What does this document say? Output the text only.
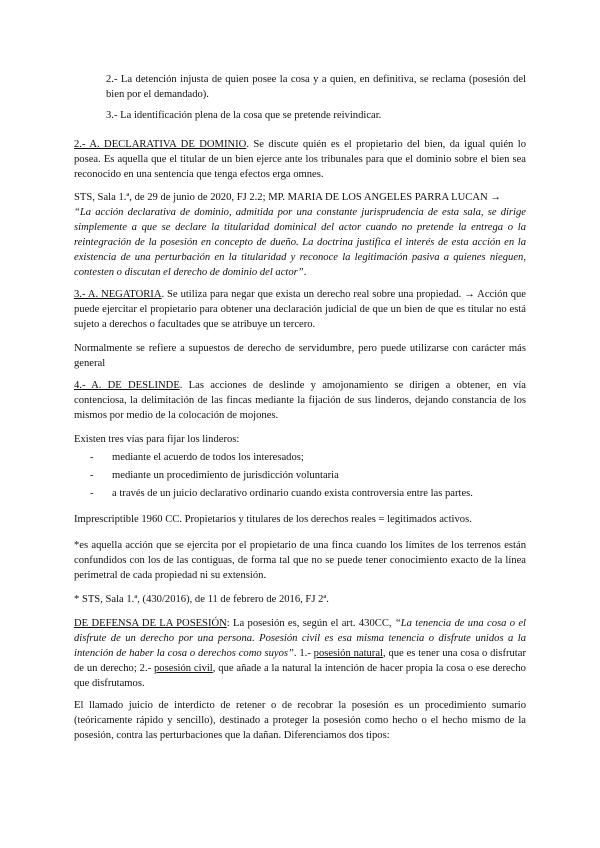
2.- La detención injusta de quien posee la cosa y a quien, en definitiva, se reclama (posesión del bien por el demandado).

3.- La identificación plena de la cosa que se pretende reivindicar.

2.- A. DECLARATIVA DE DOMINIO. Se discute quién es el propietario del bien, da igual quién lo posea. Es aquella que el titular de un bien ejerce ante los tribunales para que el dominio sobre el bien sea reconocido en una sentencia que tenga efectos erga omnes.

STS, Sala 1.ª, de 29 de junio de 2020, FJ 2.2; MP. MARIA DE LOS ANGELES PARRA LUCAN →
“La acción declarativa de dominio, admitida por una constante jurisprudencia de esta sala, se dirige simplemente a que se declare la titularidad dominical del actor cuando no pretende la entrega o la reintegración de la posesión en concepto de dueño. La doctrina justifica el interés de esta acción en la existencia de una perturbación en la titularidad y reconoce la legitimación pasiva a quienes nieguen, contesten o discutan el derecho de dominio del actor”.

3.- A. NEGATORIA. Se utiliza para negar que exista un derecho real sobre una propiedad. → Acción que puede ejercitar el propietario para obtener una declaración judicial de que un bien de que es titular no está sujeto a derechos o facultades que se atribuye un tercero.

Normalmente se refiere a supuestos de derecho de servidumbre, pero puede utilizarse con carácter más general

4.- A. DE DESLINDE. Las acciones de deslinde y amojonamiento se dirigen a obtener, en vía contenciosa, la delimitación de las fincas mediante la fijación de sus linderos, dejando constancia de los mismos por medio de la colocación de mojones.

Existen tres vías para fijar los linderos:

- mediante el acuerdo de todos los interesados;
- mediante un procedimiento de jurisdicción voluntaria
- a través de un juicio declarativo ordinario cuando exista controversia entre las partes.

Imprescriptible 1960 CC. Propietarios y titulares de los derechos reales = legitimados activos.

*es aquella acción que se ejercita por el propietario de una finca cuando los límites de los terrenos están confundidos con los de las contiguas, de forma tal que no se puede tener conocimiento exacto de la línea perimetral de cada propiedad ni su extensión.

* STS, Sala 1.ª, (430/2016), de 11 de febrero de 2016, FJ 2ª.

DE DEFENSA DE LA POSESIÓN: La posesión es, según el art. 430CC, “La tenencia de una cosa o el disfrute de un derecho por una persona. Posesión civil es esa misma tenencia o disfrute unidos a la intención de haber la cosa o derechos como suyos”. 1.- posesión natural, que es tener una cosa o disfrutar de un derecho; 2.- posesión civil, que añade a la natural la intención de hacer propia la cosa o ese derecho que disfrutamos.

El llamado juicio de interdicto de retener o de recobrar la posesión es un procedimiento sumario (teóricamente rápido y sencillo), destinado a proteger la posesión como hecho o el hecho mismo de la posesión, contra las perturbaciones que la dañan. Diferenciamos dos tipos:
